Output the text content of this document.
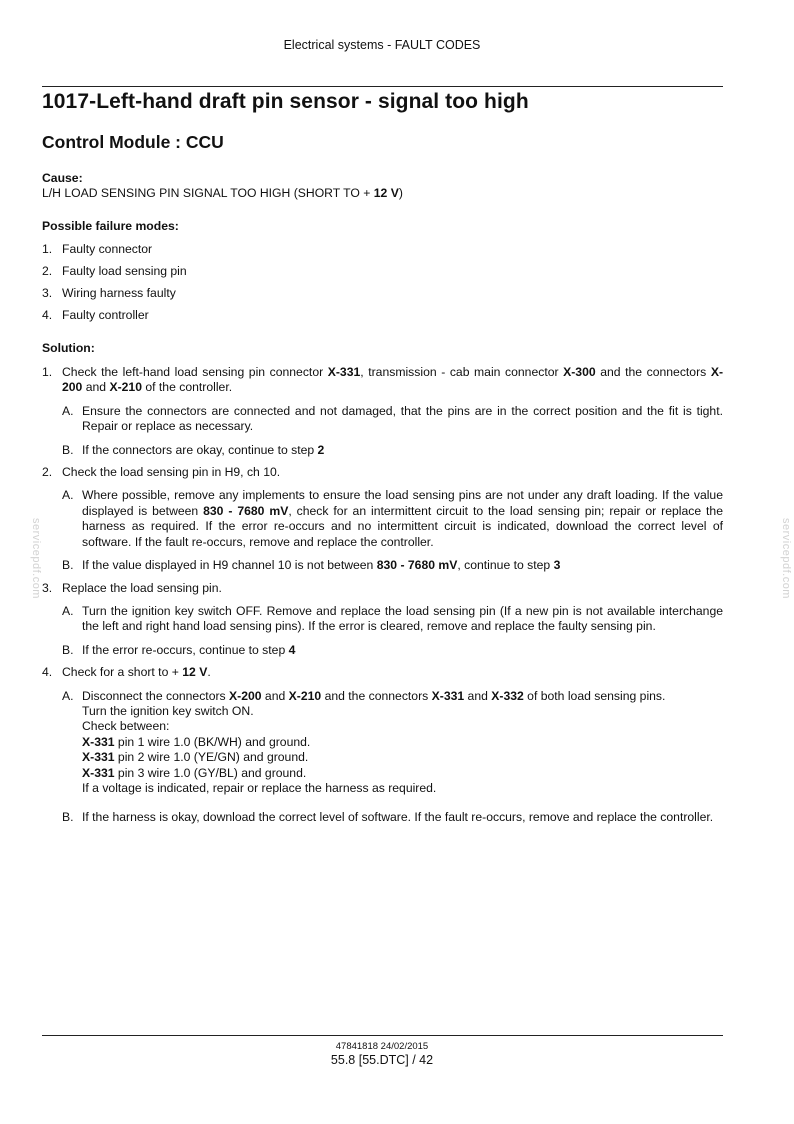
Electrical systems - FAULT CODES
1017-Left-hand draft pin sensor - signal too high
Control Module : CCU
Cause:
L/H LOAD SENSING PIN SIGNAL TOO HIGH (SHORT TO + 12 V)
Possible failure modes:
1. Faulty connector
2. Faulty load sensing pin
3. Wiring harness faulty
4. Faulty controller
Solution:
1. Check the left-hand load sensing pin connector X-331, transmission - cab main connector X-300 and the connectors X-200 and X-210 of the controller.
A. Ensure the connectors are connected and not damaged, that the pins are in the correct position and the fit is tight. Repair or replace as necessary.
B. If the connectors are okay, continue to step 2
2. Check the load sensing pin in H9, ch 10.
A. Where possible, remove any implements to ensure the load sensing pins are not under any draft loading. If the value displayed is between 830 - 7680 mV, check for an intermittent circuit to the load sensing pin; repair or replace the harness as required. If the error re-occurs and no intermittent circuit is indicated, download the correct level of software. If the fault re-occurs, remove and replace the controller.
B. If the value displayed in H9 channel 10 is not between 830 - 7680 mV, continue to step 3
3. Replace the load sensing pin.
A. Turn the ignition key switch OFF. Remove and replace the load sensing pin (If a new pin is not available interchange the left and right hand load sensing pins). If the error is cleared, remove and replace the faulty sensing pin.
B. If the error re-occurs, continue to step 4
4. Check for a short to + 12 V.
A. Disconnect the connectors X-200 and X-210 and the connectors X-331 and X-332 of both load sensing pins.
Turn the ignition key switch ON.
Check between:
X-331 pin 1 wire 1.0 (BK/WH) and ground.
X-331 pin 2 wire 1.0 (YE/GN) and ground.
X-331 pin 3 wire 1.0 (GY/BL) and ground.
If a voltage is indicated, repair or replace the harness as required.
B. If the harness is okay, download the correct level of software. If the fault re-occurs, remove and replace the controller.
servicepdf.com	servicepdf.com
47841818 24/02/2015
55.8 [55.DTC] / 42
